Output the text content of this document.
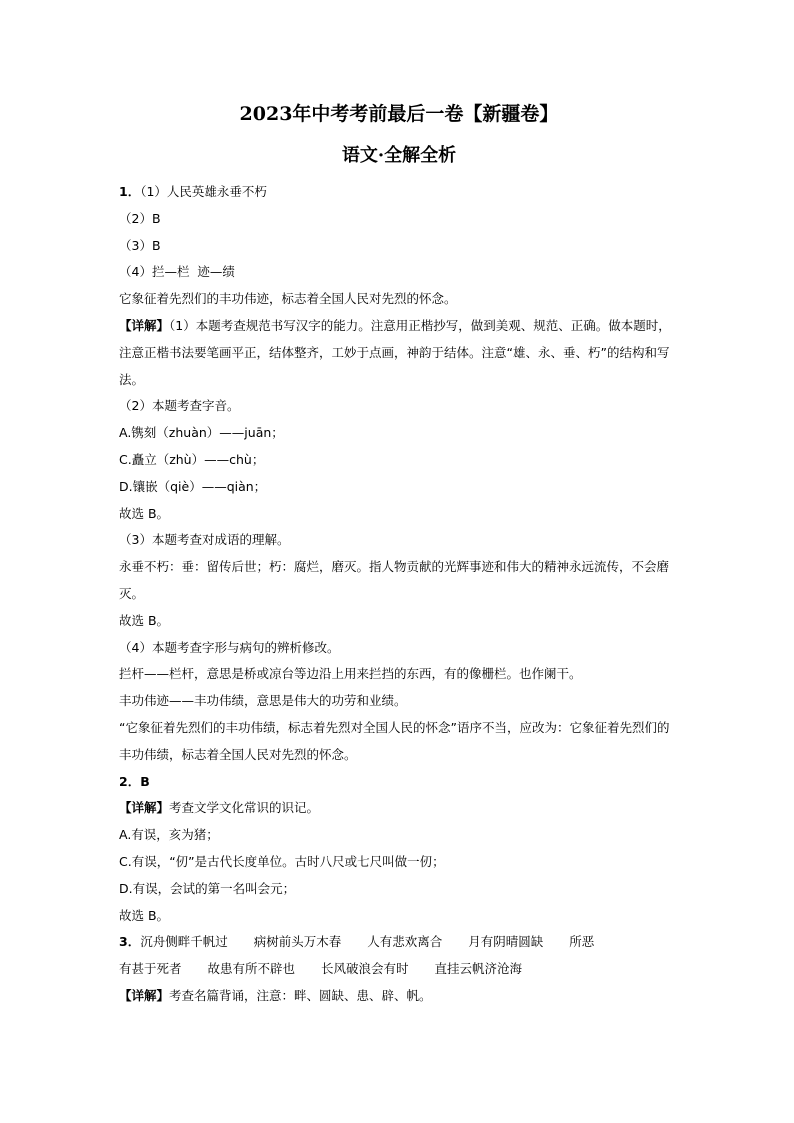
2023年中考考前最后一卷【新疆卷】
语文·全解全析
1．（1）人民英雄永垂不朽
（2）B
（3）B
（4）拦—栏  迹—绩
它象征着先烈们的丰功伟迹，标志着全国人民对先烈的怀念。
【详解】（1）本题考查规范书写汉字的能力。注意用正楷抄写，做到美观、规范、正确。做本题时，注意正楷书法要笔画平正，结体整齐，工妙于点画，神韵于结体。注意“雄、永、垂、朽”的结构和写法。
（2）本题考查字音。
A.镌刻（zhuàn）——juān；
C.矗立（zhù）——chù；
D.镶嵌（qiè）——qiàn；
故选 B。
（3）本题考查对成语的理解。
永垂不朽：垂：留传后世；朽：腐烂，磨灭。指人物贡献的光辉事迹和伟大的精神永远流传，不会磨灭。
故选 B。
（4）本题考查字形与病句的辨析修改。
拦杆——栏杆，意思是桥或凉台等边沿上用来拦挡的东西，有的像栅栏。也作阑干。
丰功伟迹——丰功伟绩，意思是伟大的功劳和业绩。
“它象征着先烈们的丰功伟绩，标志着先烈对全国人民的怀念”语序不当，应改为：它象征着先烈们的丰功伟绩，标志着全国人民对先烈的怀念。
2．B
【详解】考查文学文化常识的识记。
A.有误，亥为猪；
C.有误，“仞”是古代长度单位。古时八尺或七尺叫做一仞；
D.有误，会试的第一名叫会元；
故选 B。
3．沉舟侧畔千帆过 病树前头万木春 人有悲欢离合 月有阴晴圆缺 所恶
有甚于死者 故患有所不辟也 长风破浪会有时 直挂云帆济沧海
【详解】考查名篇背诵，注意：畔、圆缺、患、辟、帆。
